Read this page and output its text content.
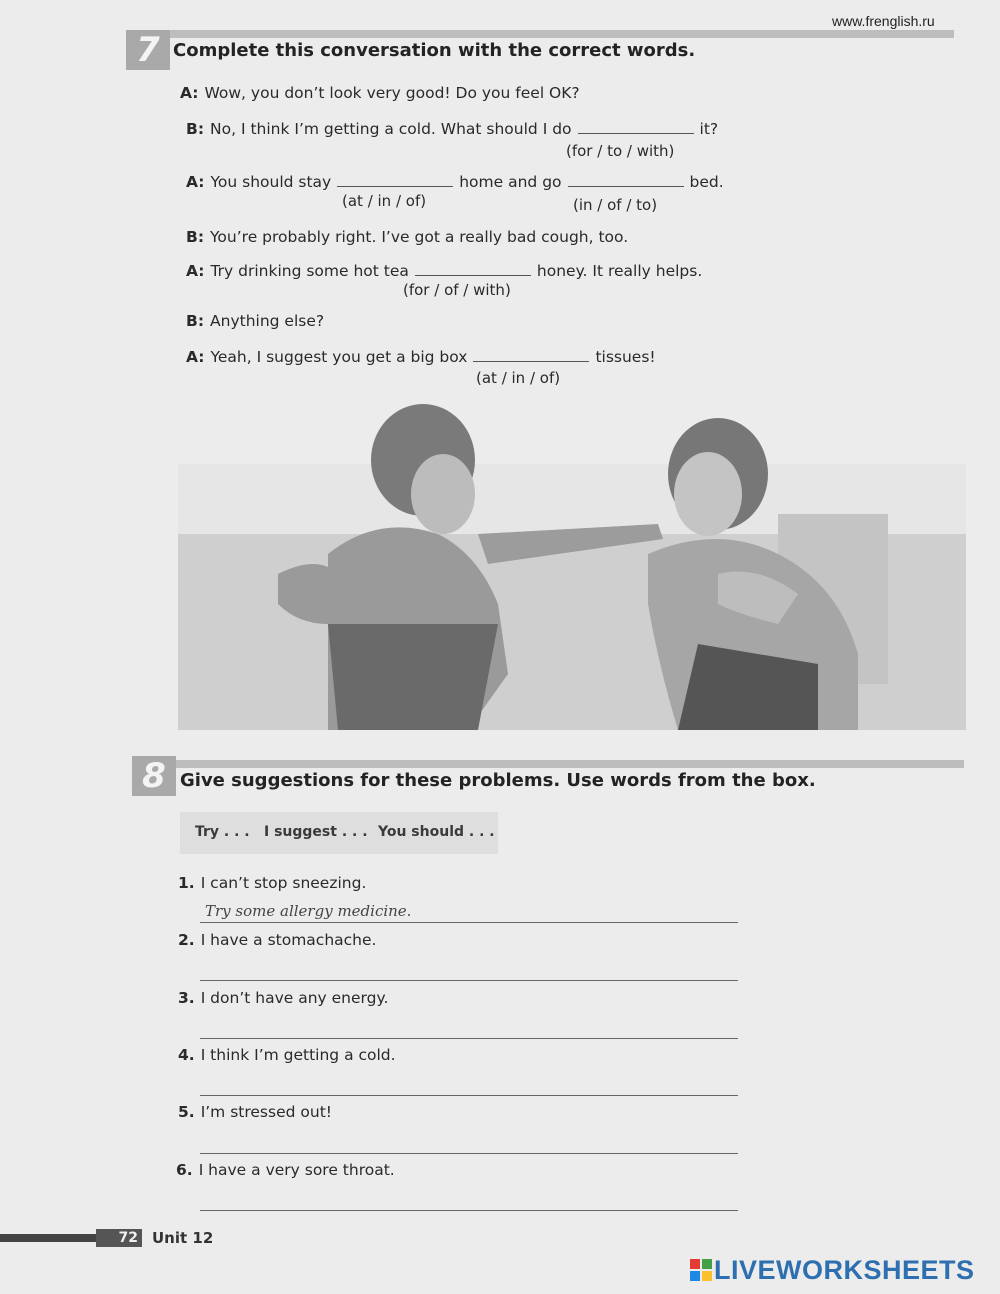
www.frenglish.ru
7 Complete this conversation with the correct words.
A: Wow, you don’t look very good! Do you feel OK?
B: No, I think I’m getting a cold. What should I do	it?
(for / to / with)
A: You should stay	home and go	bed.
(at / in / of)	(in / of / to)
B: You’re probably right. I’ve got a really bad cough, too.
A: Try drinking some hot tea	honey. It really helps.
(for / of / with)
B: Anything else?
A: Yeah, I suggest you get a big box	tissues!
(at / in / of)
8 Give suggestions for these problems. Use words from the box.
Try . . . I suggest . . . You should . . .
1. I can’t stop sneezing.
Try some allergy medicine.
2. I have a stomachache.
3. I don’t have any energy.
4. I think I’m getting a cold.
5. I’m stressed out!
6. I have a very sore throat.
72 Unit 12
LIVEWORKSHEETS
